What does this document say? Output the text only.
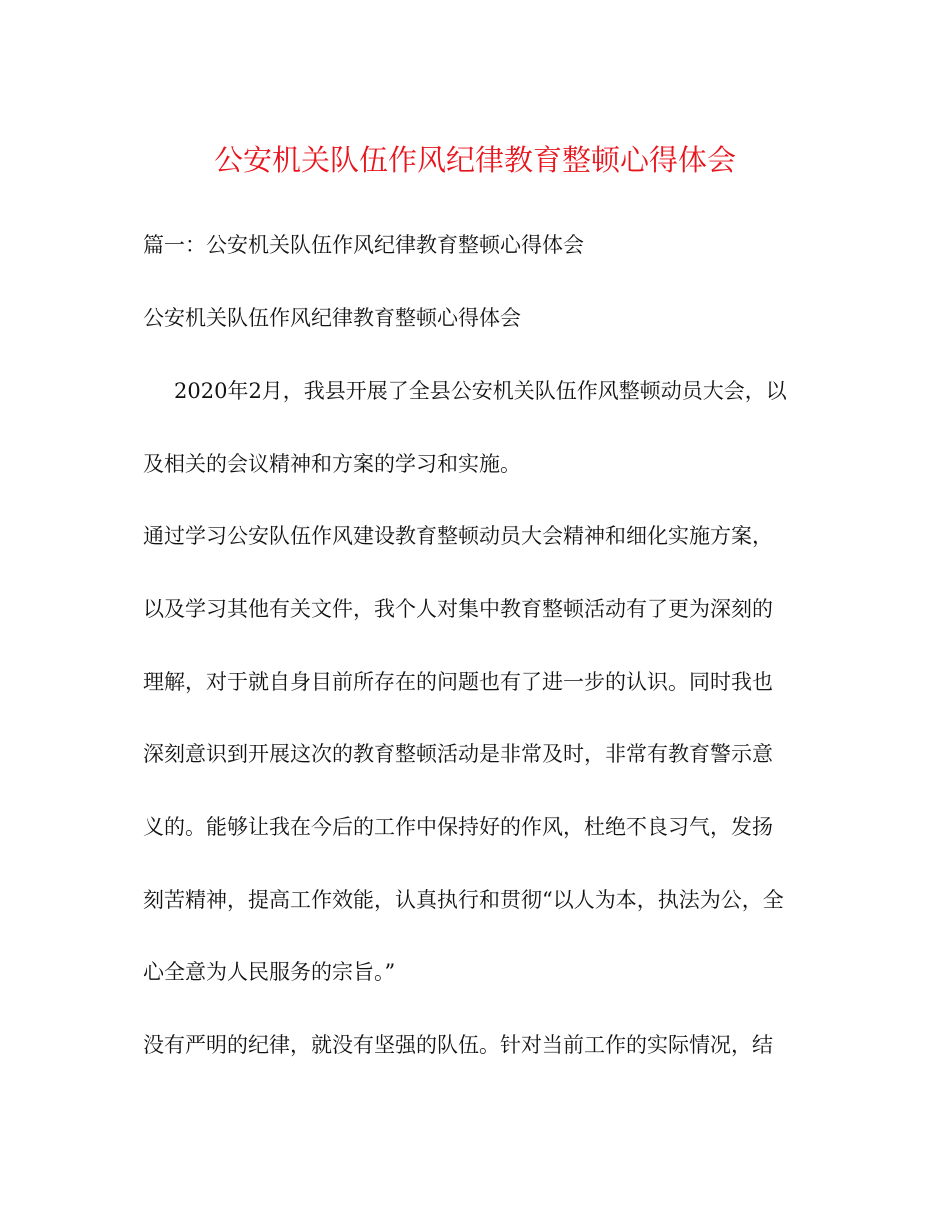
公安机关队伍作风纪律教育整顿心得体会
篇一：公安机关队伍作风纪律教育整顿心得体会
公安机关队伍作风纪律教育整顿心得体会
2020年2月，我县开展了全县公安机关队伍作风整顿动员大会，以
及相关的会议精神和方案的学习和实施。
通过学习公安队伍作风建设教育整顿动员大会精神和细化实施方案，
以及学习其他有关文件，我个人对集中教育整顿活动有了更为深刻的
理解，对于就自身目前所存在的问题也有了进一步的认识。同时我也
深刻意识到开展这次的教育整顿活动是非常及时，非常有教育警示意
义的。能够让我在今后的工作中保持好的作风，杜绝不良习气，发扬
刻苦精神，提高工作效能，认真执行和贯彻“以人为本，执法为公，全
心全意为人民服务的宗旨。”
没有严明的纪律，就没有坚强的队伍。针对当前工作的实际情况，结
